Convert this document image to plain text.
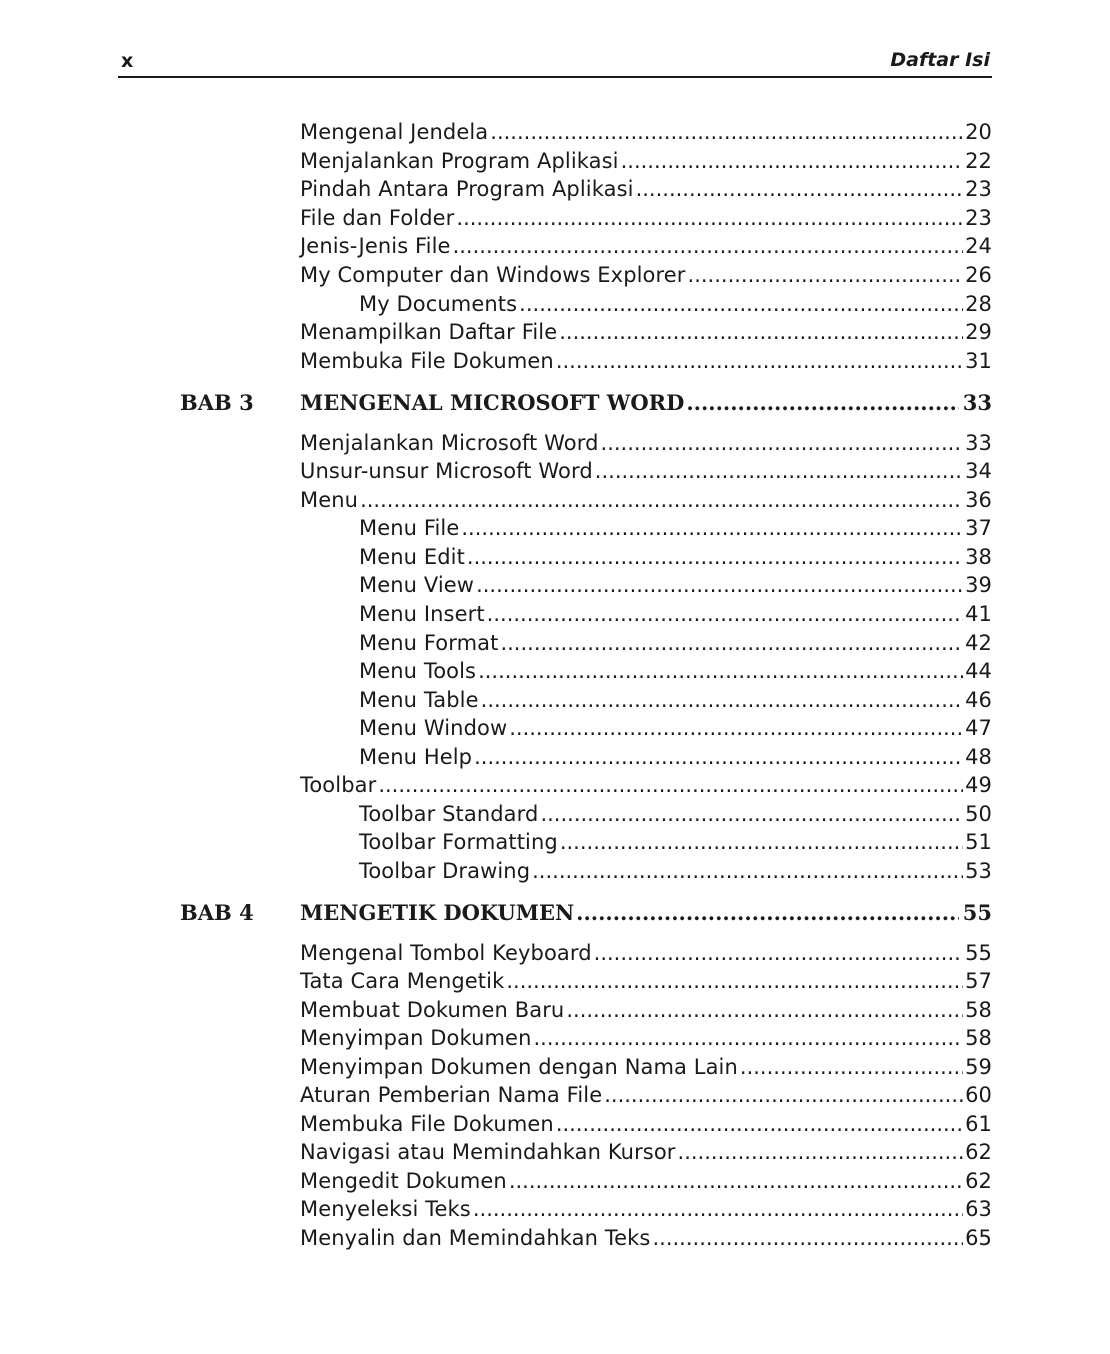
x	Daftar Isi
Mengenal Jendela .....	20
Menjalankan Program Aplikasi .....	22
Pindah Antara Program Aplikasi .....	23
File dan Folder .....	23
Jenis-Jenis File .....	24
My Computer dan Windows Explorer .....	26
My Documents .....	28
Menampilkan Daftar File .....	29
Membuka File Dokumen .....	31
BAB 3 MENGENAL MICROSOFT WORD .....	33
Menjalankan Microsoft Word .....	33
Unsur-unsur Microsoft Word .....	34
Menu .....	36
Menu File .....	37
Menu Edit .....	38
Menu View .....	39
Menu Insert .....	41
Menu Format .....	42
Menu Tools .....	44
Menu Table .....	46
Menu Window .....	47
Menu Help .....	48
Toolbar .....	49
Toolbar Standard .....	50
Toolbar Formatting .....	51
Toolbar Drawing .....	53
BAB 4 MENGETIK DOKUMEN .....	55
Mengenal Tombol Keyboard .....	55
Tata Cara Mengetik .....	57
Membuat Dokumen Baru .....	58
Menyimpan Dokumen .....	58
Menyimpan Dokumen dengan Nama Lain .....	59
Aturan Pemberian Nama File .....	60
Membuka File Dokumen .....	61
Navigasi atau Memindahkan Kursor .....	62
Mengedit Dokumen .....	62
Menyeleksi Teks .....	63
Menyalin dan Memindahkan Teks .....	65
